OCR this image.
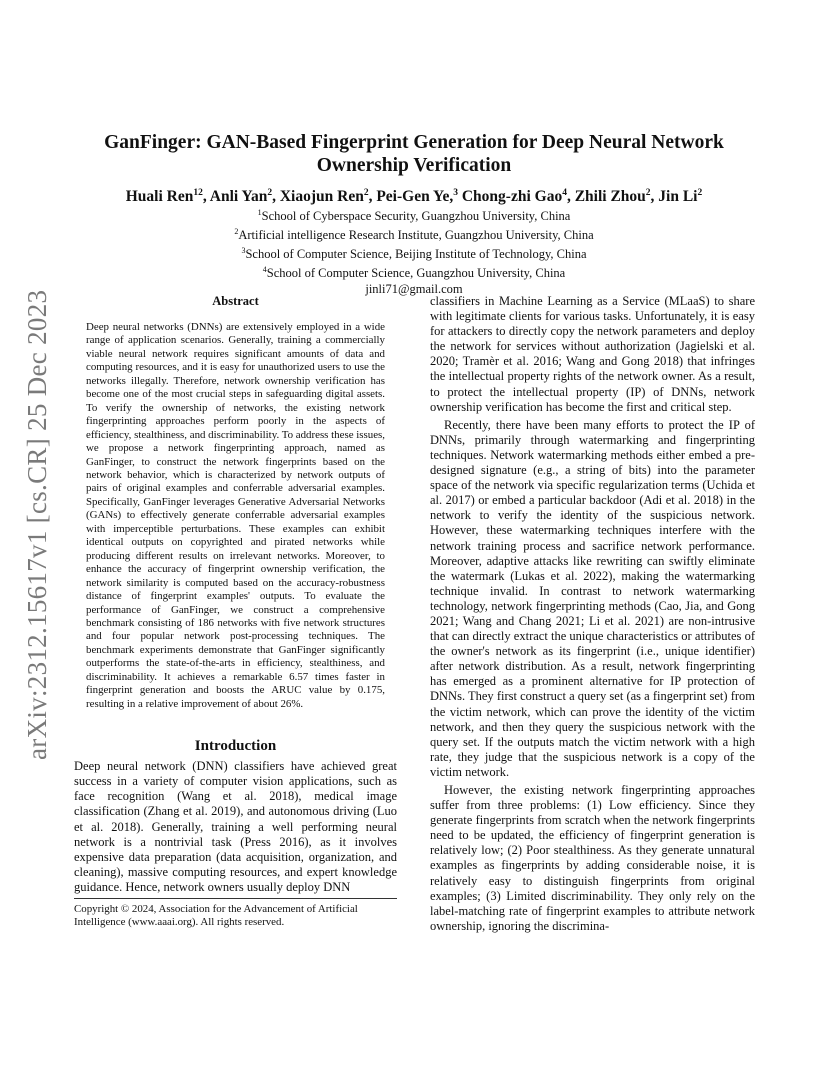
arXiv:2312.15617v1 [cs.CR] 25 Dec 2023
GanFinger: GAN-Based Fingerprint Generation for Deep Neural Network
Ownership Verification
Huali Ren$^{12}$, Anli Yan$^2$, Xiaojun Ren$^2$, Pei-Gen Ye,$^3$ Chong-zhi Gao$^4$, Zhili Zhou$^2$, Jin Li$^2$
$^1$School of Cyberspace Security, Guangzhou University, China
$^2$Artificial intelligence Research Institute, Guangzhou University, China
$^3$School of Computer Science, Beijing Institute of Technology, China
$^4$School of Computer Science, Guangzhou University, China
jinli71@gmail.com
Abstract

Deep neural networks (DNNs) are extensively employed in a wide range of application scenarios. Generally, training a commercially viable neural network requires significant amounts of data and computing resources, and it is easy for unauthorized users to use the networks illegally. Therefore, network ownership verification has become one of the most crucial steps in safeguarding digital assets. To verify the ownership of networks, the existing network fingerprinting approaches perform poorly in the aspects of efficiency, stealthiness, and discriminability. To address these issues, we propose a network fingerprinting approach, named as GanFinger, to construct the network fingerprints based on the network behavior, which is characterized by network outputs of pairs of original examples and conferrable adversarial examples. Specifically, GanFinger leverages Generative Adversarial Networks (GANs) to effectively generate conferrable adversarial examples with imperceptible perturbations. These examples can exhibit identical outputs on copyrighted and pirated networks while producing different results on irrelevant networks. Moreover, to enhance the accuracy of fingerprint ownership verification, the network similarity is computed based on the accuracy-robustness distance of fingerprint examples' outputs. To evaluate the performance of GanFinger, we construct a comprehensive benchmark consisting of 186 networks with five network structures and four popular network post-processing techniques. The benchmark experiments demonstrate that GanFinger significantly outperforms the state-of-the-arts in efficiency, stealthiness, and discriminability. It achieves a remarkable 6.57 times faster in fingerprint generation and boosts the ARUC value by 0.175, resulting in a relative improvement of about 26%.

Introduction

Deep neural network (DNN) classifiers have achieved great success in a variety of computer vision applications, such as face recognition (Wang et al. 2018), medical image classification (Zhang et al. 2019), and autonomous driving (Luo et al. 2018). Generally, training a well performing neural network is a nontrivial task (Press 2016), as it involves expensive data preparation (data acquisition, organization, and cleaning), massive computing resources, and expert knowledge guidance. Hence, network owners usually deploy DNN

classifiers in Machine Learning as a Service (MLaaS) to share with legitimate clients for various tasks. Unfortunately, it is easy for attackers to directly copy the network parameters and deploy the network for services without authorization (Jagielski et al. 2020; Tramèr et al. 2016; Wang and Gong 2018) that infringes the intellectual property rights of the network owner. As a result, to protect the intellectual property (IP) of DNNs, network ownership verification has become the first and critical step.

Recently, there have been many efforts to protect the IP of DNNs, primarily through watermarking and fingerprinting techniques. Network watermarking methods either embed a pre-designed signature (e.g., a string of bits) into the parameter space of the network via specific regularization terms (Uchida et al. 2017) or embed a particular backdoor (Adi et al. 2018) in the network to verify the identity of the suspicious network. However, these watermarking techniques interfere with the network training process and sacrifice network performance. Moreover, adaptive attacks like rewriting can swiftly eliminate the watermark (Lukas et al. 2022), making the watermarking technique invalid. In contrast to network watermarking technology, network fingerprinting methods (Cao, Jia, and Gong 2021; Wang and Chang 2021; Li et al. 2021) are non-intrusive that can directly extract the unique characteristics or attributes of the owner's network as its fingerprint (i.e., unique identifier) after network distribution. As a result, network fingerprinting has emerged as a prominent alternative for IP protection of DNNs. They first construct a query set (as a fingerprint set) from the victim network, which can prove the identity of the victim network, and then they query the suspicious network with the query set. If the outputs match the victim network with a high rate, they judge that the suspicious network is a copy of the victim network.

However, the existing network fingerprinting approaches suffer from three problems: (1) Low efficiency. Since they generate fingerprints from scratch when the network fingerprints need to be updated, the efficiency of fingerprint generation is relatively low; (2) Poor stealthiness. As they generate unnatural examples as fingerprints by adding considerable noise, it is relatively easy to distinguish fingerprints from original examples; (3) Limited discriminability. They only rely on the label-matching rate of fingerprint examples to attribute network ownership, ignoring the discrimina-

Copyright © 2024, Association for the Advancement of Artificial
Intelligence (www.aaai.org). All rights reserved.
